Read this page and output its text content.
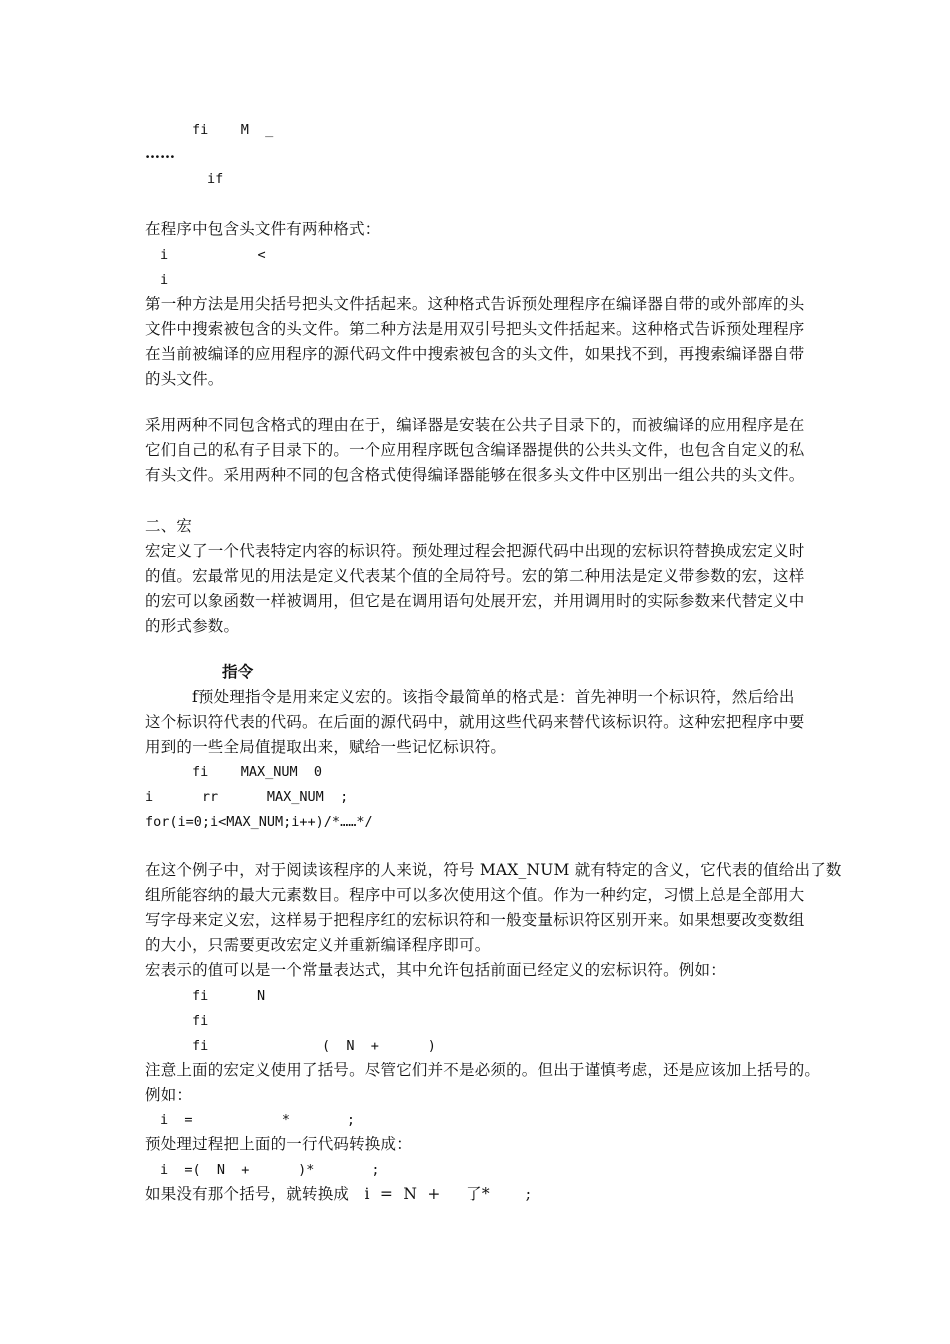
fi    M  _
……
if
在程序中包含头文件有两种格式：
i           <
i
第一种方法是用尖括号把头文件括起来。这种格式告诉预处理程序在编译器自带的或外部库的头
文件中搜索被包含的头文件。第二种方法是用双引号把头文件括起来。这种格式告诉预处理程序
在当前被编译的应用程序的源代码文件中搜索被包含的头文件，如果找不到，再搜索编译器自带
的头文件。
采用两种不同包含格式的理由在于，编译器是安装在公共子目录下的，而被编译的应用程序是在
它们自己的私有子目录下的。一个应用程序既包含编译器提供的公共头文件，也包含自定义的私
有头文件。采用两种不同的包含格式使得编译器能够在很多头文件中区别出一组公共的头文件。
二、宏
宏定义了一个代表特定内容的标识符。预处理过程会把源代码中出现的宏标识符替换成宏定义时
的值。宏最常见的用法是定义代表某个值的全局符号。宏的第二种用法是定义带参数的宏，这样
的宏可以象函数一样被调用，但它是在调用语句处展开宏，并用调用时的实际参数来代替定义中
的形式参数。
指令
f预处理指令是用来定义宏的。该指令最简单的格式是：首先神明一个标识符，然后给出
这个标识符代表的代码。在后面的源代码中，就用这些代码来替代该标识符。这种宏把程序中要
用到的一些全局值提取出来，赋给一些记忆标识符。
fi    MAX_NUM  0
i      rr      MAX_NUM  ;
for(i=0;i<MAX_NUM;i++)/*……*/
在这个例子中，对于阅读该程序的人来说，符号 MAX_NUM 就有特定的含义，它代表的值给出了数
组所能容纳的最大元素数目。程序中可以多次使用这个值。作为一种约定，习惯上总是全部用大
写字母来定义宏，这样易于把程序红的宏标识符和一般变量标识符区别开来。如果想要改变数组
的大小，只需要更改宏定义并重新编译程序即可。
宏表示的值可以是一个常量表达式，其中允许包括前面已经定义的宏标识符。例如：
fi      N
fi
fi              (  N  +      )
注意上面的宏定义使用了括号。尽管它们并不是必须的。但出于谨慎考虑，还是应该加上括号的。
例如：
i  =           *       ;
预处理过程把上面的一行代码转换成：
i  =(  N  +      )*       ;
如果没有那个括号，就转换成   i  =  N  +     了*       ;
